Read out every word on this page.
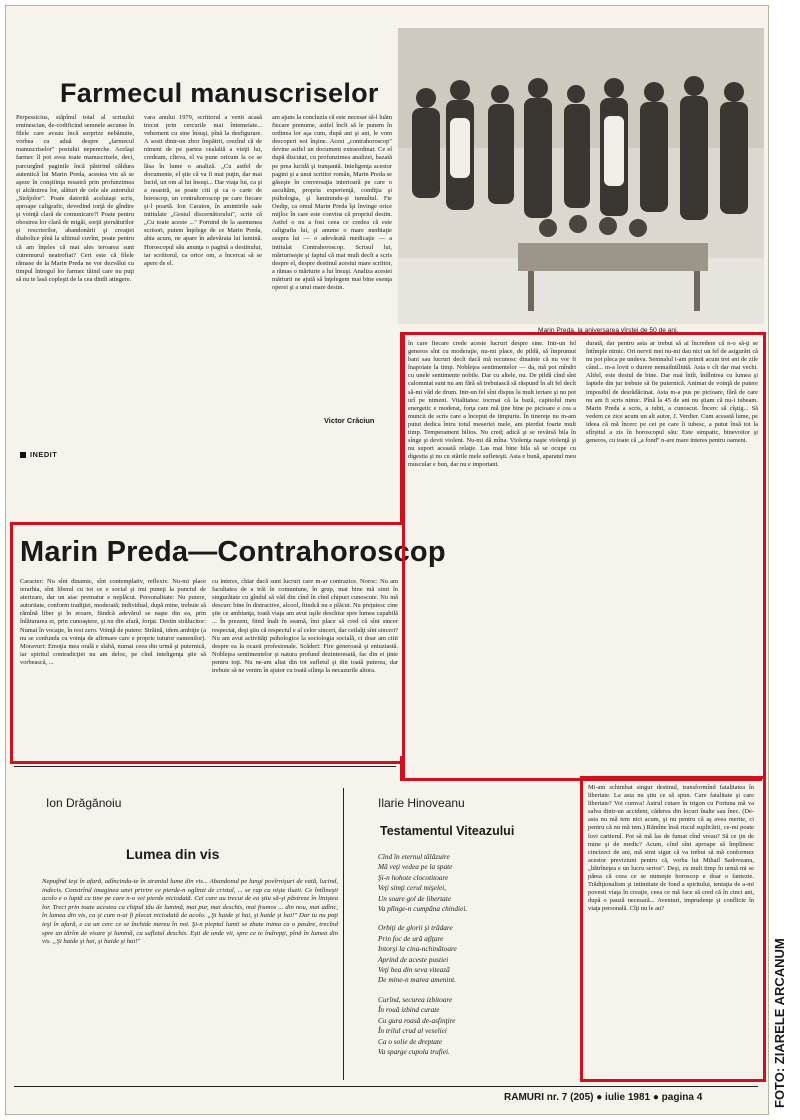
Farmecul manuscriselor
Marin Preda, la aniversarea vîrstei de 50 de ani.
Perpessicius, stăpînul total al scrisului eminescian, de-codificind semnele ascunse în filele care aveau încă surprize nebănuite, vorbea cu aduă despre „farmecul manuscriselor" postului nepereche. Acelaşi farmec îl pot avea toate manuscrisele, deci, parcurgînd paginile încă păstrind căldura autentică lui Marin Preda, acestea vin să se aşeze în conştiinţa noastră prin profunzimea şi alcătuirea lor, alături de cele ale autorului „Străjolor". Poate datorită aceluiaşi scris, aproape caligrafic, devedind torţă de gîndire şi voinţă clară de comunicare?! Poate pentru obosirea lor clară de migăi, sorţii ştersăturilor şi rescrierilor, abandonării şi creaţiei diabolice pînă la ultimul cuvînt, poate pentru că am înţeles că mai ales teroarea sunt cutremurul neatrofiat? Cert este că filele rămase de la Marin Preda ne vor dezvălui cu timpul întregul lor farmec tăind care nu puţi să nu te lasă copleşit de la cea dintîi atingere.
vara anului 1979, scriitorul a venit acasă trecut prin cercurile mai întemeiate... vehement cu sine însuşi, pînă la desfigurare. A sosit dintr-un zbor împătrit, crezînd că de nimeni de pe partea cealaltă a vieţii lui, credeam, cîteva, el va pune oricum la ce se lăsa în lume o analiză. „Cu astfel de documente, el ştie că va fi mai puţin, dar mai lucid, un om al lui însuşi... Dar viaţa lui, ca şi a noastră, se poate citi şi ca o carte de horoscop, un contrahoroscop pe care fiecare şi-l poartă. Ion Caraion, în amintirile sale intitulate „Gestul discernătorului", scrie că „Cu toate aceste ..." Pornind de la asemenea scrisori, putem înţelege de ce Marin Preda, abia acum, ne apare în adevărata lui lumină. Horoscopul său anunţa o pagină a destinului, iar scriitorul, ca orice om, a încercat să se apere de el.
am ajuns la concluzia că este necesar să-l luăm fiecare prenume, astfel încît să le punem în ordinea lor aşa cum, după ani şi ani, le vom descoperi noi înşine. Acest „contrahoroscop" devine astfel un document extraordinar. Ce el după discutat, cu profunzimea analizei, bazată pe prea lucidă şi tranşantă. Inteligenţa acestor pagini şi a unui scriitor român, Marin Preda se găseşte în conversaţia interioară pe care o ascultăm, propria experienţă, condiţia şi psihologia, şi luminindu-şi tumultul. Fie Oedip, ca omul Marin Preda îşi învinge orice mijloc în care este convins că propriul destin. Astfel o nu a fost ceea ce credea că este caligrafia lui, şi anume o mare meditaţie asupra lui — o adevărată medicaţie — a intitulat Contrahoroscop. Scrisul lui, mărturiseşte şi faptul că mai mult decît a scris despre el, despre destinul acestui mare scriitor, a rămas o mărturie a lui însuşi. Analiza acestei mărturii ne ajută să înţelegem mai bine esenţa operei şi a unui mare destin.
Victor Crăciun
INEDIT
în care fiecare crede aceste lucruri despre sine. Intr-un fel generos sînt cu moderaţie, nu-mi place, de pildă, să împrumut bani sau lucruri decît dacă mă recunosc dinainte că nu vor fi înapoiate la timp. Nobleţea sentimentelor — da, mă pot mîndri cu unele sentimente nobile. Dar cu altele, nu. De pildă cînd sînt calomniat sunt nu am fără să trebuiască să răspund în alt fel decît să-mi văd de drum. Intr-un fel sînt dispus la mult iertare şi nu pot urî pe nimeni. Vitalitatea: tocmai că la bază, capitolul meu energetic e moderat, forţa care mă ţine bine pe picioare e cea a muncii de scris care a început de timpuriu. În tinereţe nu m-am putut dedica întru totul meseriei mele, am pierdut foarte mult timp. Temperament bilios. Nu cred; adică şi se revărsă bila în sînge şi devii violent. Nu-mi dă mîna. Violenţa naşte violenţă şi nu suport această relaţie. Las mai bine bila să se ocupe cu digestia şi nu cu stările mele sufleteşti. Asta e bună, aparatul meu muscular e bun, dar nu e important.
durată, dar pentru asta ar trebui să ai încredere că n-o să-ţi se întîmple nimic. Ori nervii mei nu-mi dau nici un fel de asigurări că nu pot pleca pe undeva. Semnalul i-am primit acum trei ani de zile când... m-a lovit o durere nemaiîntîlnită. Asta e cît dar mai vechi. Altfel, este destul de bine. Dar mai întîi, întîlnirea cu lumea şi faptele din jur trebuie să fie puternică. Animat de voinţă de putere imposibil de desrădăcinat. Asta m-a pus pe picioare, fără de care nu am fi scris nimic. Pînă la 45 de ani nu ştiam că nu-i iubeam. Marin Preda a scris, a iubit, a cunoscut. Încerc să cîştig... Să vedem ce zice acum un alt autor, J. Verdier. Cum această lume, pe ideea că mă încerc pe cei pe care îi iubesc, a putut însă tot la sfîrşitul a zis în horoscopul său: Este simpatic, binevoitor şi generos, cu toate că „a fond" n-are mare interes pentru oameni.
Marin Preda—Contrahoroscop
Caracter: Nu sînt dinamic, sînt contemplativ, reflexiv. Nu-mi place ierarhia, sînt liberal cu tot ce e social şi imi puneţi la punctul de aterizare, dar un atac prematur e neplăcut. Personalitate: Nu putere, autoritate, conform tradiţiei, moderată; individual, după mine, trebuie să rămînă liber şi în eroare, fiindcă adevărul se naşte din ea, prin înlăturarea ei, prin cunoaştere, şi nu din afară, forţat. Destin strălucitor: Numai în vocaţie, în rest zero. Voinţă de putere: Străină, idem ambiţie (a nu se confunda cu voinţa de afirmare care e proprie tuturor oamenilor). Moravuri: Emoţia mea orală e slabă, numai ceea din urmă şi puternică, iar spiritul contradicţiei nu am deloc, pe cînd inteligenţa ştie să vorbească, ...
cu interes, chiar dacă sunt lucruri care m-ar contrazice. Noroc: Nu am facultatea de a trăi în comuniune, în grup, mai bine mă simt în singurătate cu gîndul să văd din cînd în cînd chipuri cunoscute. Nu mă descurc bine în distractive, alcool, fiindcă nu e plăcut. Nu preţuiesc cine ştie ce ambianţa, toată viaţa am avut uşile deschise spre lumea capabilă ... În prezent, fiind înalt în seamă, îmi place să cred că sînt sincer respectat, deşi ştiu că respectul e al celor sinceri, dar ceilalţi sînt sinceri? Nu am avut activităţi psihologice la sociologia socială, ci doar am citit despre ea la ocazii profesionale. Scăderi: Fire generoasă şi entuziastă. Nobleţea sentimentelor şi natura profund dezinteresată, fac din ei ţinte pentru toţi. Nu ne-am aliat din tot sufletul şi din toată puterea, dar trebuie să ne venim în ajutor cu toată silinţa la necazurile altora.
Ion Drăgănoiu
Lumea din vis
Nepuţînd ieşi în afară, adîncindu-te în straniul lume din vis... Abandonul pe lungi povîrnişuri de vată, lucind, indecis. Constrînd imaginea unei privire ce pierde-n oglinzi de cristal, ... se rup ca nişte iluzii. Ce întîlneşti acolo e o luptă cu tine pe care n-o vei pierde niciodată. Cei care au trecut de ea ştiu să-şi păstreze în liniştea lor. Treci prin toate acestea cu chipul tău de lumină, mai pur, mai deschis, mai frumos ... din nou, mai adînc, în lumea din vis, ca şi cum n-ai fi plecat niciodată de acolo. „Şi haide şi hai, şi haide şi hai!" Dar tu nu poţi ieşi în afară, e ca un cerc ce se închide mereu în noi. Şi-n pieptul lumii se zbate inima ca o pasăre, trecînd spre un tărîm de visare şi lumină, cu sufletul deschis. Eşti de unde vii, spre ce te îndrepţi, pînă în lumea din vis. „Şi haide şi hai, şi haide şi hai!"
Ilarie Hinoveanu
Testamentul Viteazului
Cînd în eternul tălăzuire
Mă veţi vedea pe la spate
Şi-n hohote clocotitoare
Veţi simţi cerul mişelei,
Un soare gol de libertate
Va plînge-n cumpăna chindiei.
Orbiţi de glorii şi trădare
Prin foc de ură aţîţare
Intorşi la cina-nchinătoare
Aprind de aceste pustiei
Veţi bea din seva vitează
De mine-n marea amenint.
Curînd, securea izbitoare
În rouă izbind curate
Cu gura roasă de-asfinţire
În trilul crud al veseliei
Ca o solie de dreptate
Va sparge cupola trufiei.
Mi-am schimbat singur destinul, transformînd fatalitatea în libertate. La asta nu ştiu ce să spun. Care fatalitate şi care libertate? Voi cumva! Astrul cutare în trigon cu Fortuna mă va salva dintr-un accident, căderea din locuri înalte sau înec. (De-asta nu mă tem nici acum, şi nu pentru că aş avea merite, ci pentru că nu mă tem.) Rămîne însă riscul suplicării, ce-mi poate lovi cartierul. Pot să mă las de fumat cînd vreau? Să ce ţin de mine şi de medic? Acum, cînd sînt aproape să împlinesc cincizeci de ani, mă simt sigur că va trebui să mă conformez acestor previziuni pentru că, vorba lui Mihail Sadoveanu, „bătrîneţea e un lucru serios". Deşi, cu mult timp în urmă mi se părea că ceea ce se numeşte horoscop e doar o fantezie. Trădiţionalism şi intimitate de fond a spiritului, tentaţia de a-mi povesti viaţa în creaţie, ceea ce mă face să cred că în cinci ani, după o pauză necesară... Aventuri, imprudenţe şi conflicte în viaţa personală. Cîţi nu le au?
RAMURI nr. 7 (205) ● iulie 1981 ● pagina 4	FOTO: ZIARELE ARCANUM
